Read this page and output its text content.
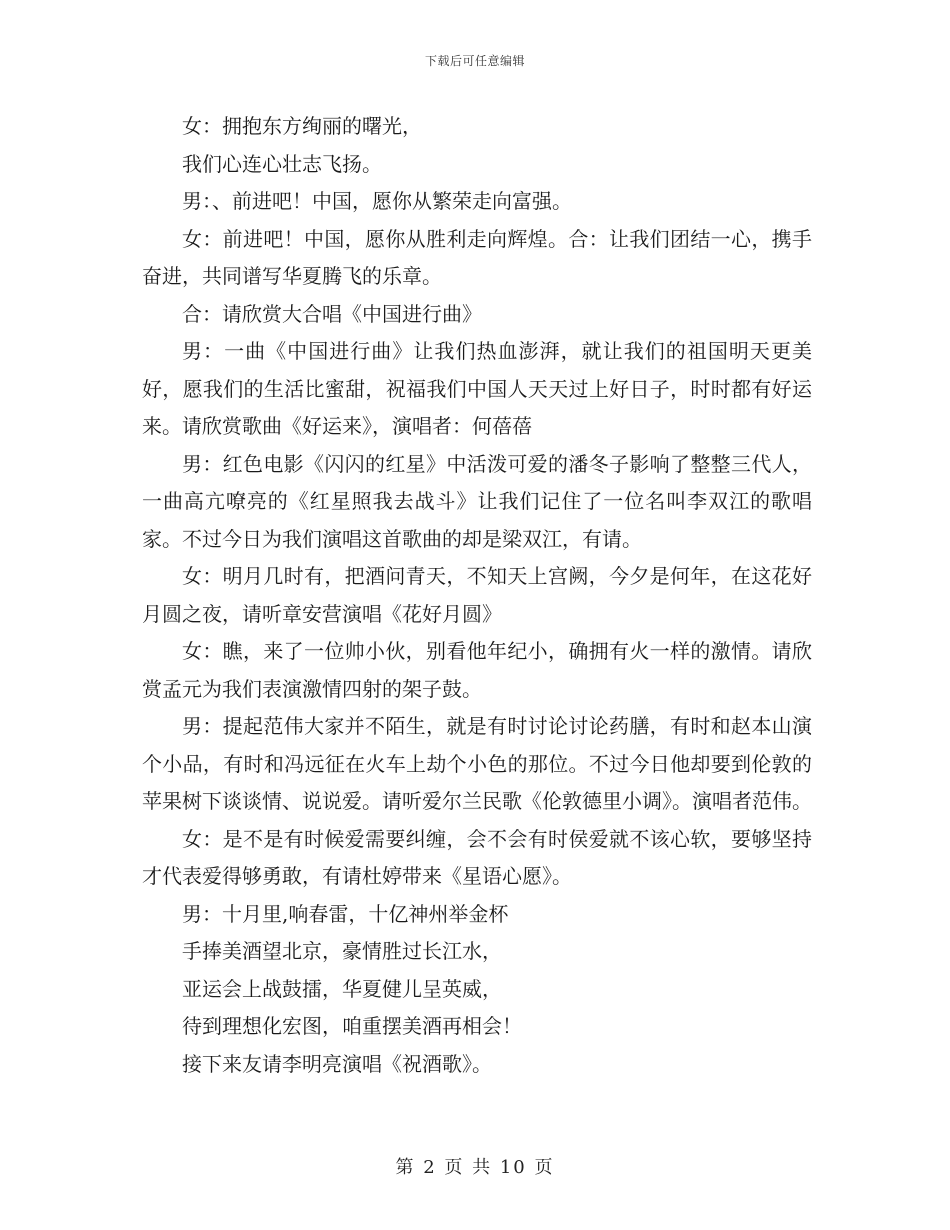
下载后可任意编辑

女：拥抱东方绚丽的曙光，

我们心连心壮志飞扬。

男：、前进吧！中国，愿你从繁荣走向富强。

女：前进吧！中国，愿你从胜利走向辉煌。合：让我们团结一心，携手奋进，共同谱写华夏腾飞的乐章。

合：请欣赏大合唱《中国进行曲》

男：一曲《中国进行曲》让我们热血澎湃，就让我们的祖国明天更美好，愿我们的生活比蜜甜，祝福我们中国人天天过上好日子，时时都有好运来。请欣赏歌曲《好运来》，演唱者：何蓓蓓

男：红色电影《闪闪的红星》中活泼可爱的潘冬子影响了整整三代人，一曲高亢嘹亮的《红星照我去战斗》让我们记住了一位名叫李双江的歌唱家。不过今日为我们演唱这首歌曲的却是梁双江，有请。

女：明月几时有，把酒问青天，不知天上宫阙，今夕是何年，在这花好月圆之夜，请听章安营演唱《花好月圆》

女：瞧，来了一位帅小伙，别看他年纪小，确拥有火一样的激情。请欣赏孟元为我们表演激情四射的架子鼓。

男：提起范伟大家并不陌生，就是有时讨论讨论药膳，有时和赵本山演个小品，有时和冯远征在火车上劫个小色的那位。不过今日他却要到伦敦的苹果树下谈谈情、说说爱。请听爱尔兰民歌《伦敦德里小调》。演唱者范伟。

女：是不是有时候爱需要纠缠，会不会有时侯爱就不该心软，要够坚持才代表爱得够勇敢，有请杜婷带来《星语心愿》。

男：十月里,响春雷，十亿神州举金杯

手捧美酒望北京，豪情胜过长江水，

亚运会上战鼓擂，华夏健儿呈英威，

待到理想化宏图，咱重摆美酒再相会！

接下来友请李明亮演唱《祝酒歌》。

第 2 页 共 10 页
